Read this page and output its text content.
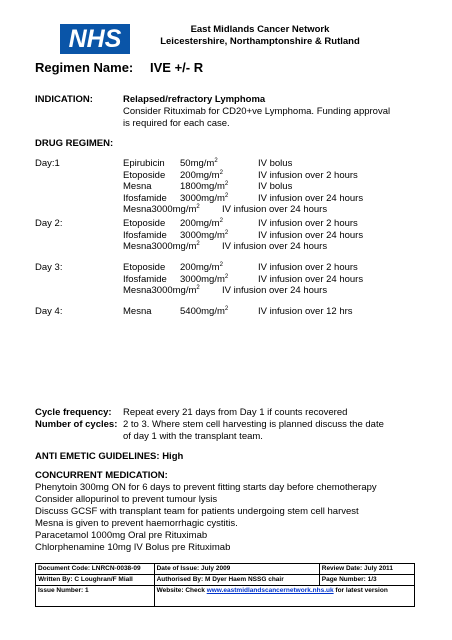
NHS	East Midlands Cancer Network
Leicestershire, Northamptonshire & Rutland
Regimen Name: IVE +/- R
INDICATION:	Relapsed/refractory Lymphoma
Consider Rituximab for CD20+ve Lymphoma. Funding approval
is required for each case.
DRUG REGIMEN:
Day:1	Epirubicin $50mg/m^2$	IV bolus
Etoposide $200mg/m^2$	IV infusion over 2 hours
Mesna	$1800mg/m^2$	IV bolus
Ifosfamide $3000mg/m^2$	IV infusion over 24 hours
$Mesna3000mg/m^2$ IV infusion over 24 hours
Day 2:	Etoposide $200mg/m^2$	IV infusion over 2 hours
Ifosfamide $3000mg/m^2$	IV infusion over 24 hours
$Mesna3000mg/m^2$ IV infusion over 24 hours
Day 3:	Etoposide $200mg/m^2$	IV infusion over 2 hours
Ifosfamide $3000mg/m^2$	IV infusion over 24 hours
$Mesna3000mg/m^2$ IV infusion over 24 hours
Day 4:	Mesna	$5400mg/m^2$	IV infusion over 12 hrs
Cycle frequency: Repeat every 21 days from Day 1 if counts recovered
Number of cycles: 2 to 3. Where stem cell harvesting is planned discuss the date
of day 1 with the transplant team.
ANTI EMETIC GUIDELINES: High
CONCURRENT MEDICATION:
Phenytoin 300mg ON for 6 days to prevent fitting starts day before chemotherapy
Consider allopurinol to prevent tumour lysis
Discuss GCSF with transplant team for patients undergoing stem cell harvest
Mesna is given to prevent haemorrhagic cystitis.
Paracetamol 1000mg Oral pre Rituximab
Chlorphenamine 10mg IV Bolus pre Rituximab
Document Code: LNRCN-0038-09	Date of Issue: July 2009	Review Date: July 2011
Written By: C Loughran/F Miall	Authorised By: M Dyer Haem NSSG chair	Page Number: 1/3
Issue Number: 1	Website: Check www.eastmidlandscancernetwork.nhs.uk for latest version	
